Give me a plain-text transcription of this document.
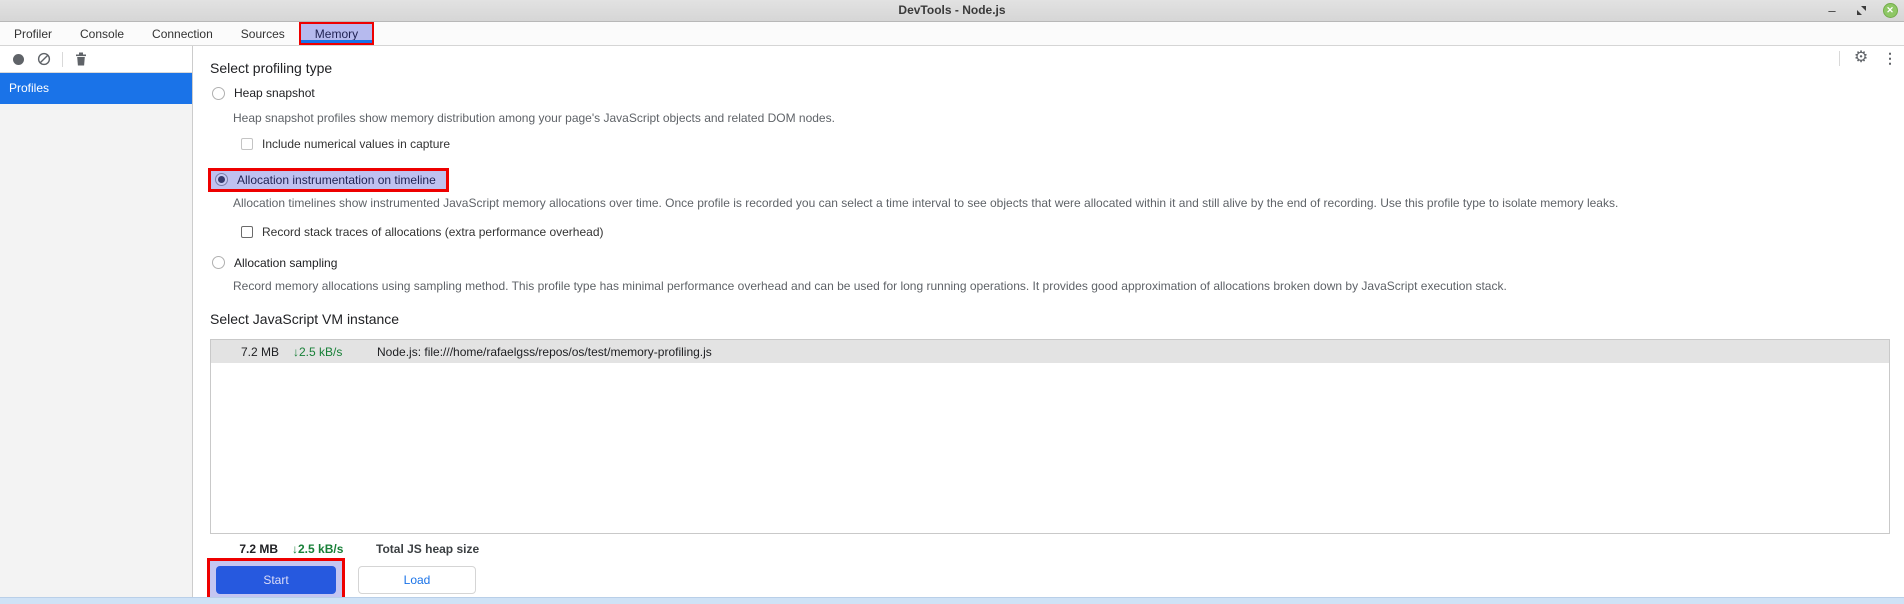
DevTools - Node.js	–	✕
Profiler Console Connection Sources	Memory
Profiles
⚙ ⋮
Select profiling type
Heap snapshot
Heap snapshot profiles show memory distribution among your page's JavaScript objects and related DOM nodes.
Include numerical values in capture
Allocation instrumentation on timeline
Allocation timelines show instrumented JavaScript memory allocations over time. Once profile is recorded you can select a time interval to see objects that were allocated within it and still alive by the end of recording. Use this profile type to isolate memory leaks.
Record stack traces of allocations (extra performance overhead)
Allocation sampling
Record memory allocations using sampling method. This profile type has minimal performance overhead and can be used for long running operations. It provides good approximation of allocations broken down by JavaScript execution stack.
Select JavaScript VM instance
7.2 MB ↓2.5 kB/s	Node.js: file:///home/rafaelgss/repos/os/test/memory-profiling.js
7.2 MB ↓2.5 kB/s	Total JS heap size
Start	Load
